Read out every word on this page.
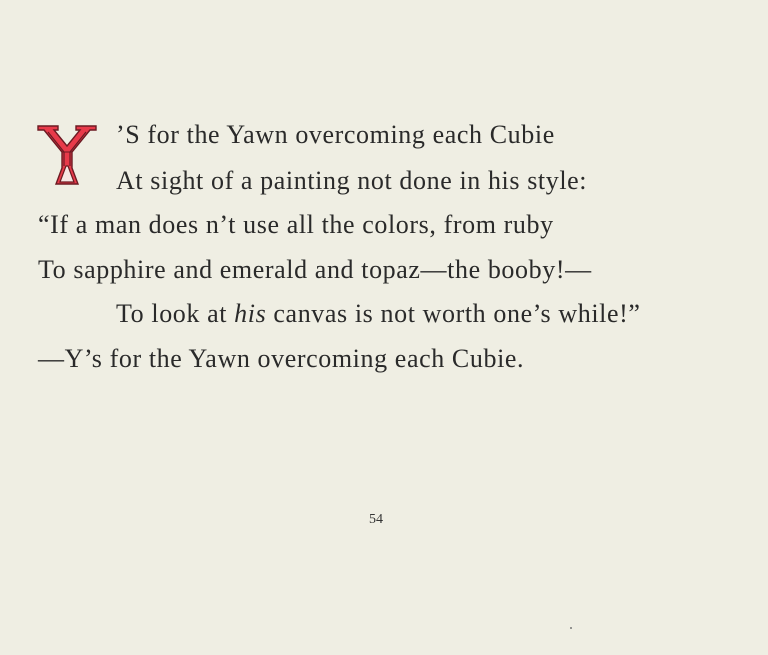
’S for the Yawn overcoming each Cubie
At sight of a painting not done in his style:
“If a man does n’t use all the colors, from ruby
To sapphire and emerald and topaz—the booby!—
To look at his canvas is not worth one’s while!”
—Y’s for the Yawn overcoming each Cubie.
54
